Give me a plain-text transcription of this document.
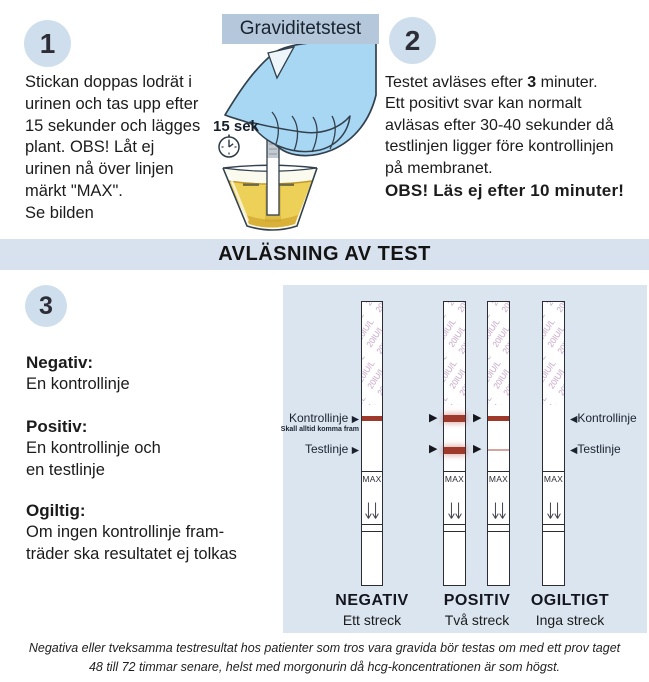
1
Stickan doppas lodrät i
urinen och tas upp efter
15 sekunder och lägges
plant. OBS! Låt ej
urinen nå över linjen
märkt "MAX".
Se bilden
15 sek
Graviditetstest	2
Testet avläses efter 3 minuter.
Ett positivt svar kan normalt
avläsas efter 30-40 sekunder då
testlinjen ligger före kontrollinjen
på membranet.
OBS! Läs ej efter 10 minuter!
AVLÄSNING AV TEST
3
Negativ:
En kontrollinje
Positiv:
En kontrollinje och
en testlinje
Ogiltig:
Om ingen kontrollinje fram-
träder ska resultatet ej tolkas
MAX	MAX	MAX	MAX
Kontrollinje ▶
Skall alltid komma fram
Testlinje ▶
▶
▶
▶
▶
◀Kontrollinje
◀Testlinje
NEGATIV
Ett streck
POSITIV
Två streck
OGILTIGT
Inga streck
Negativa eller tveksamma testresultat hos patienter som tros vara gravida bör testas om med ett prov taget
48 till 72 timmar senare, helst med morgonurin då hcg-koncentrationen är som högst.
